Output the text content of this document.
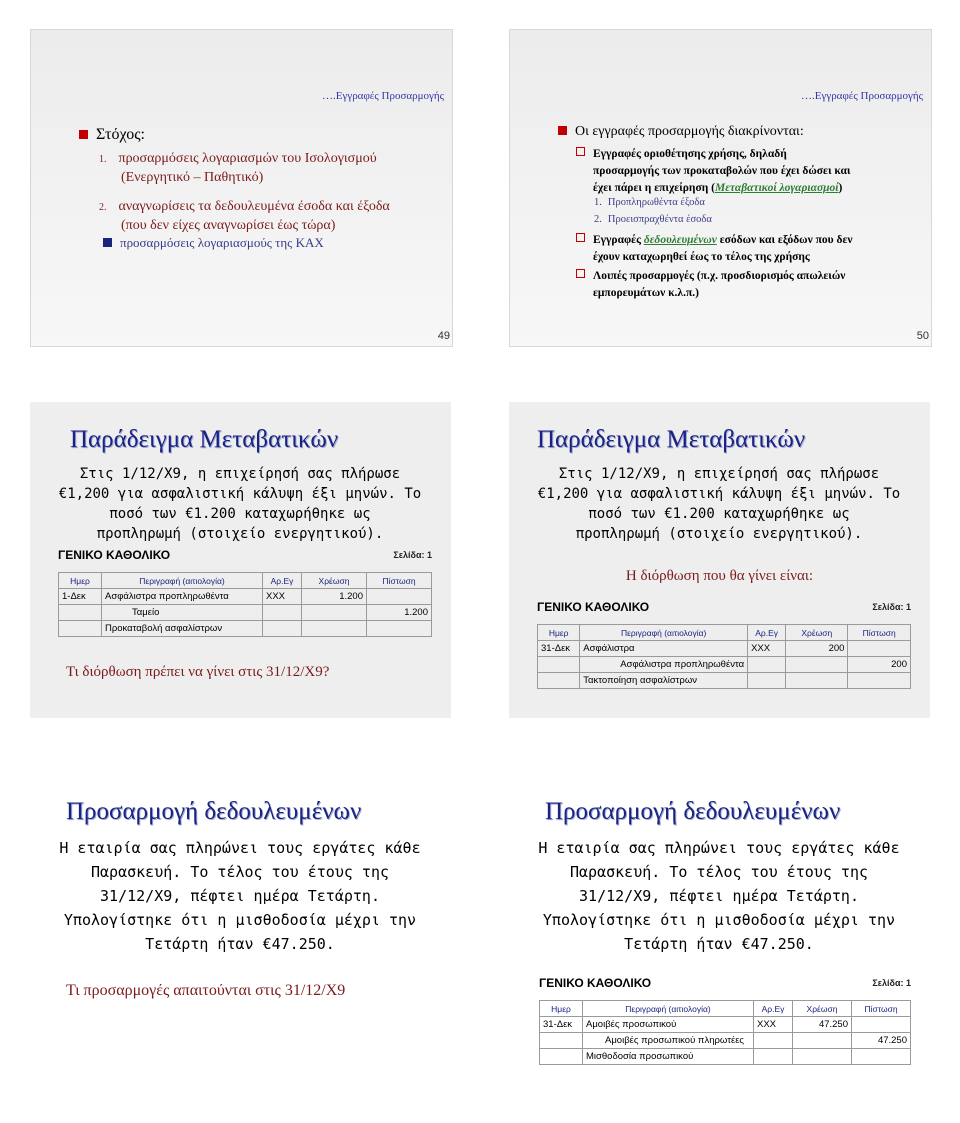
….Εγγραφές Προσαρμογής
Στόχος:
1. προσαρμόσεις λογαριασμών του Ισολογισμού
(Ενεργητικό – Παθητικό)
2. αναγνωρίσεις τα δεδουλευμένα έσοδα και έξοδα
(που δεν είχες αναγνωρίσει έως τώρα)
προσαρμόσεις λογαριασμούς της ΚΑΧ
49
….Εγγραφές Προσαρμογής
Οι εγγραφές προσαρμογής διακρίνονται:
Εγγραφές οριοθέτησης χρήσης, δηλαδή
προσαρμογής των προκαταβολών που έχει δώσει και
έχει πάρει η επιχείρηση (Μεταβατικοί λογαριασμοί)
1. Προπληρωθέντα έξοδα
2. Προεισπραχθέντα έσοδα
Εγγραφές δεδουλευμένων εσόδων και εξόδων που δεν
έχουν καταχωρηθεί έως το τέλος της χρήσης
Λοιπές προσαρμογές (π.χ. προσδιορισμός απωλειών
εμπορευμάτων κ.λ.π.)
50
Παράδειγμα Μεταβατικών
Στις 1/12/Χ9, η επιχείρησή σας πλήρωσε
€1,200 για ασφαλιστική κάλυψη έξι μηνών. Το
ποσό των €1.200 καταχωρήθηκε ως
προπληρωμή (στοιχείο ενεργητικού).
ΓΕΝΙΚΟ ΚΑΘΟΛΙΚΟ	Σελίδα: 1
Ημερ	Περιγραφή (αιτιολογία)	Αρ.Εγ	Χρέωση	Πίστωση
1-Δεκ	Ασφάλιστρα προπληρωθέντα	ΧΧΧ	1.200	
	Ταμείο			1.200
	Προκαταβολή ασφαλίστρων			
Τι διόρθωση πρέπει να γίνει στις 31/12/Χ9?
Παράδειγμα Μεταβατικών
Στις 1/12/Χ9, η επιχείρησή σας πλήρωσε
€1,200 για ασφαλιστική κάλυψη έξι μηνών. Το
ποσό των €1.200 καταχωρήθηκε ως
προπληρωμή (στοιχείο ενεργητικού).
Η διόρθωση που θα γίνει είναι:
ΓΕΝΙΚΟ ΚΑΘΟΛΙΚΟ	Σελίδα: 1
Ημερ	Περιγραφή (αιτιολογία)	Αρ.Εγ	Χρέωση	Πίστωση
31-Δεκ	Ασφάλιστρα	ΧΧΧ	200	
	Ασφάλιστρα προπληρωθέντα			200
	Τακτοποίηση ασφαλίστρων			
Προσαρμογή δεδουλευμένων
Η εταιρία σας πληρώνει τους εργάτες κάθε
Παρασκευή. Το τέλος του έτους της
31/12/Χ9, πέφτει ημέρα Τετάρτη.
Υπολογίστηκε ότι η μισθοδοσία μέχρι την
Τετάρτη ήταν €47.250.
Τι προσαρμογές απαιτούνται στις 31/12/Χ9
Προσαρμογή δεδουλευμένων
Η εταιρία σας πληρώνει τους εργάτες κάθε
Παρασκευή. Το τέλος του έτους της
31/12/Χ9, πέφτει ημέρα Τετάρτη.
Υπολογίστηκε ότι η μισθοδοσία μέχρι την
Τετάρτη ήταν €47.250.
ΓΕΝΙΚΟ ΚΑΘΟΛΙΚΟ	Σελίδα: 1
Ημερ	Περιγραφή (αιτιολογία)	Αρ.Εγ	Χρέωση	Πίστωση
31-Δεκ	Αμοιβές προσωπικού	ΧΧΧ	47.250	
	Αμοιβές προσωπικού πληρωτέες			47.250
	Μισθοδοσία προσωπικού			
